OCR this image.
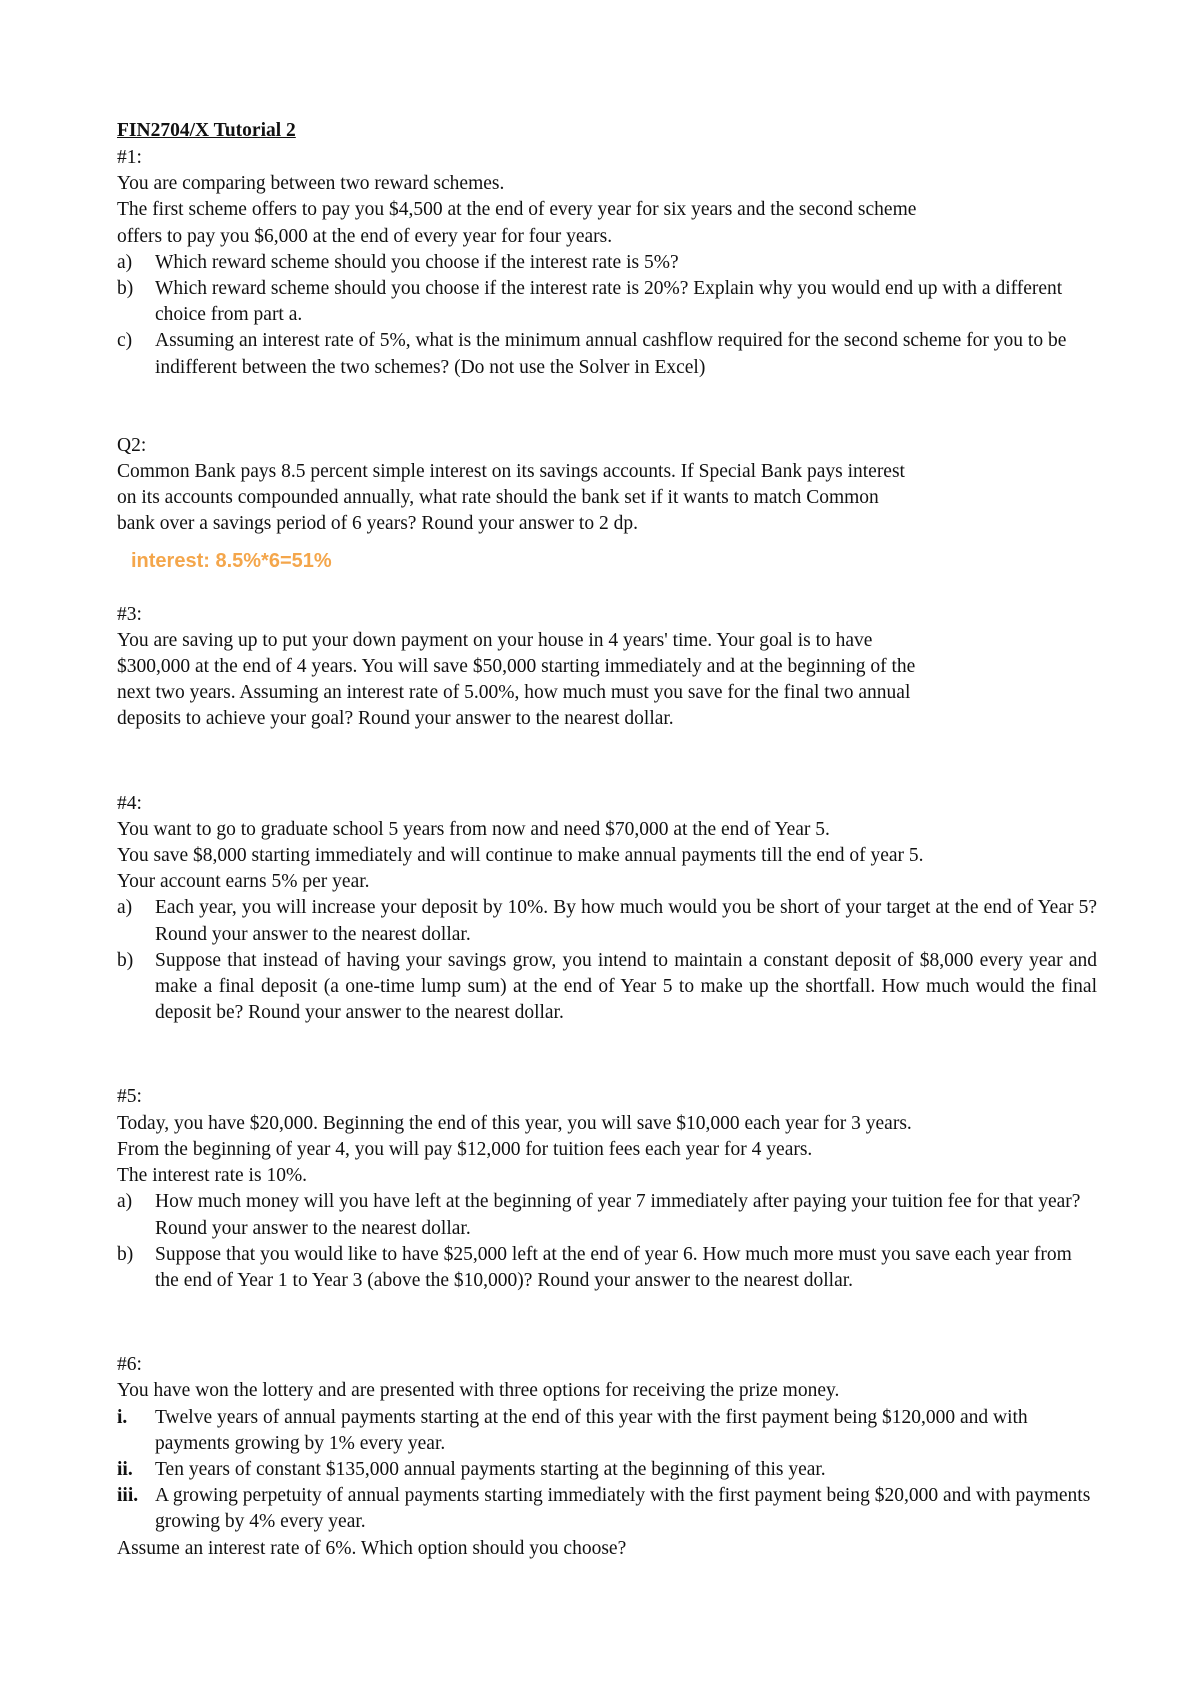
FIN2704/X Tutorial 2
#1:
You are comparing between two reward schemes.
The first scheme offers to pay you $4,500 at the end of every year for six years and the second scheme
offers to pay you $6,000 at the end of every year for four years.
a) Which reward scheme should you choose if the interest rate is 5%?
b) Which reward scheme should you choose if the interest rate is 20%? Explain why you would end up with a different choice from part a.
c) Assuming an interest rate of 5%, what is the minimum annual cashflow required for the second scheme for you to be indifferent between the two schemes? (Do not use the Solver in Excel)
Q2:
Common Bank pays 8.5 percent simple interest on its savings accounts. If Special Bank pays interest
on its accounts compounded annually, what rate should the bank set if it wants to match Common
bank over a savings period of 6 years? Round your answer to 2 dp.
interest: 8.5%*6=51%
#3:
You are saving up to put your down payment on your house in 4 years' time. Your goal is to have
$300,000 at the end of 4 years. You will save $50,000 starting immediately and at the beginning of the
next two years. Assuming an interest rate of 5.00%, how much must you save for the final two annual
deposits to achieve your goal? Round your answer to the nearest dollar.
#4:
You want to go to graduate school 5 years from now and need $70,000 at the end of Year 5.
You save $8,000 starting immediately and will continue to make annual payments till the end of year 5.
Your account earns 5% per year.
a) Each year, you will increase your deposit by 10%. By how much would you be short of your target at the end of Year 5? Round your answer to the nearest dollar.
b) Suppose that instead of having your savings grow, you intend to maintain a constant deposit of $8,000 every year and make a final deposit (a one-time lump sum) at the end of Year 5 to make up the shortfall. How much would the final deposit be? Round your answer to the nearest dollar.
#5:
Today, you have $20,000. Beginning the end of this year, you will save $10,000 each year for 3 years.
From the beginning of year 4, you will pay $12,000 for tuition fees each year for 4 years.
The interest rate is 10%.
a) How much money will you have left at the beginning of year 7 immediately after paying your tuition fee for that year? Round your answer to the nearest dollar.
b) Suppose that you would like to have $25,000 left at the end of year 6. How much more must you save each year from the end of Year 1 to Year 3 (above the $10,000)? Round your answer to the nearest dollar.
#6:
You have won the lottery and are presented with three options for receiving the prize money.
i. Twelve years of annual payments starting at the end of this year with the first payment being $120,000 and with payments growing by 1% every year.
ii. Ten years of constant $135,000 annual payments starting at the beginning of this year.
iii. A growing perpetuity of annual payments starting immediately with the first payment being $20,000 and with payments growing by 4% every year.
Assume an interest rate of 6%. Which option should you choose?
